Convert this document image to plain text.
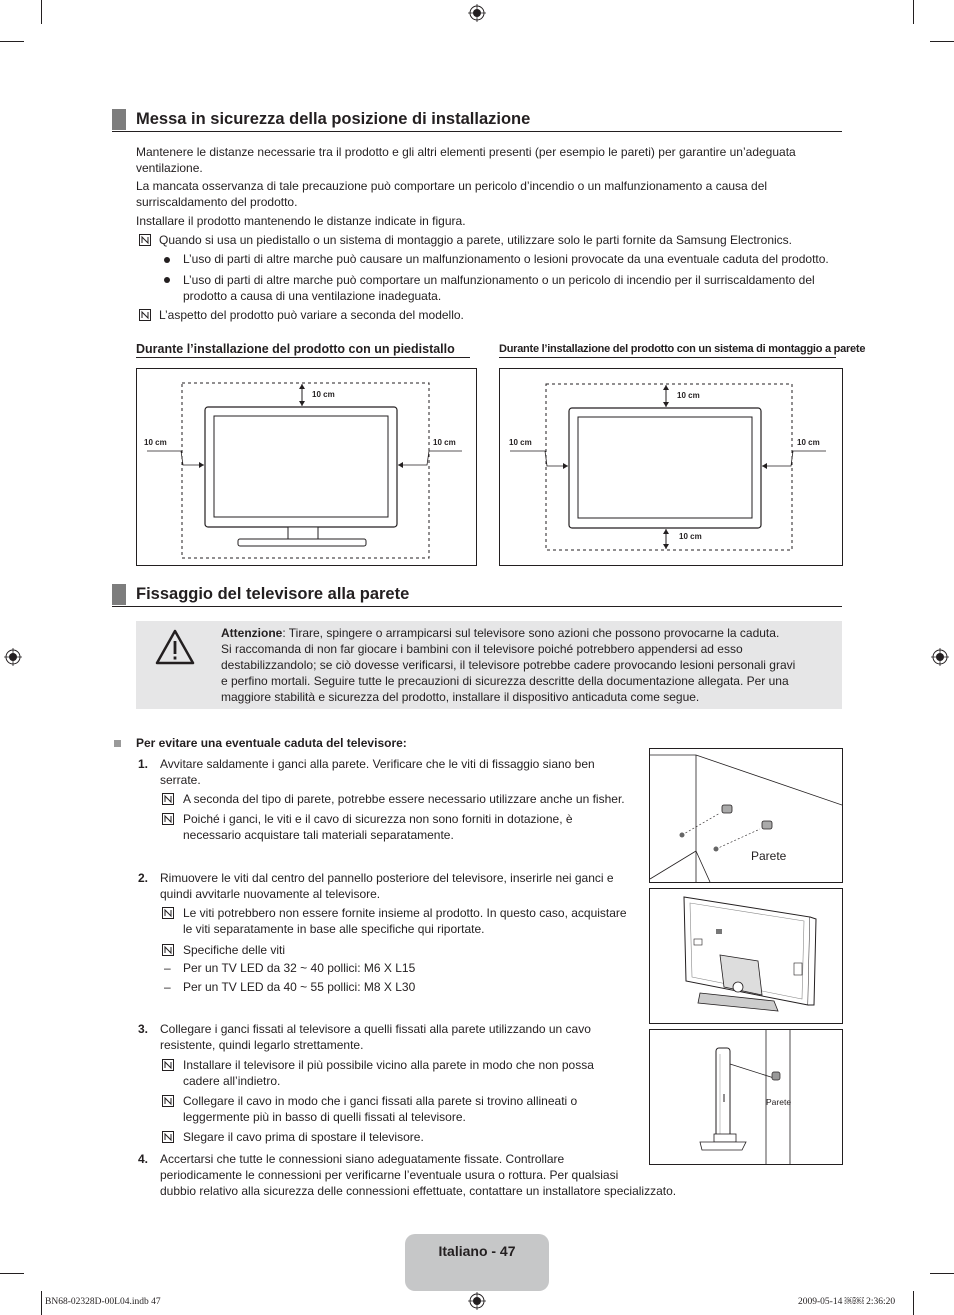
Messa in sicurezza della posizione di installazione
Mantenere le distanze necessarie tra il prodotto e gli altri elementi presenti (per esempio le pareti) per garantire un’adeguata
ventilazione.
La mancata osservanza di tale precauzione può comportare un pericolo d’incendio o un malfunzionamento a causa del
surriscaldamento del prodotto.
Installare il prodotto mantenendo le distanze indicate in figura.
Quando si usa un piedistallo o un sistema di montaggio a parete, utilizzare solo le parti fornite da Samsung Electronics.
L’uso di parti di altre marche può causare un malfunzionamento o lesioni provocate da una eventuale caduta del prodotto.
L’uso di parti di altre marche può comportare un malfunzionamento o un pericolo di incendio per il surriscaldamento del
prodotto a causa di una ventilazione inadeguata.
L’aspetto del prodotto può variare a seconda del modello.
Durante l’installazione del prodotto con un piedistallo	Durante l’installazione del prodotto con un sistema di montaggio a parete
10 cm
10 cm	10 cm
10 cm
10 cm	10 cm
10 cm
Fissaggio del televisore alla parete
Attenzione: Tirare, spingere o arrampicarsi sul televisore sono azioni che possono provocarne la caduta.
Si raccomanda di non far giocare i bambini con il televisore poiché potrebbero appendersi ad esso
destabilizzandolo; se ciò dovesse verificarsi, il televisore potrebbe cadere provocando lesioni personali gravi
e perfino mortali. Seguire tutte le precauzioni di sicurezza descritte della documentazione allegata. Per una
maggiore stabilità e sicurezza del prodotto, installare il dispositivo anticaduta come segue.
Per evitare una eventuale caduta del televisore:
1. Avvitare saldamente i ganci alla parete. Verificare che le viti di fissaggio siano ben
serrate.
A seconda del tipo di parete, potrebbe essere necessario utilizzare anche un fisher.
Poiché i ganci, le viti e il cavo di sicurezza non sono forniti in dotazione, è
necessario acquistare tali materiali separatamente.
2. Rimuovere le viti dal centro del pannello posteriore del televisore, inserirle nei ganci e
quindi avvitarle nuovamente al televisore.
Le viti potrebbero non essere fornite insieme al prodotto. In questo caso, acquistare
le viti separatamente in base alle specifiche qui riportate.
Specifiche delle viti
– Per un TV LED da 32 ~ 40 pollici: M6 X L15
– Per un TV LED da 40 ~ 55 pollici: M8 X L30
3. Collegare i ganci fissati al televisore a quelli fissati alla parete utilizzando un cavo
resistente, quindi legarlo strettamente.
Installare il televisore il più possibile vicino alla parete in modo che non possa
cadere all’indietro.
Collegare il cavo in modo che i ganci fissati alla parete si trovino allineati o
leggermente più in basso di quelli fissati al televisore.
Slegare il cavo prima di spostare il televisore.
4. Accertarsi che tutte le connessioni siano adeguatamente fissate. Controllare
periodicamente le connessioni per verificarne l’eventuale usura o rottura. Per qualsiasi
dubbio relativo alla sicurezza delle connessioni effettuate, contattare un installatore specializzato.
Parete
Parete
Italiano - 47
BN68-02328D-00L04.indb 47	2009-05-14 ￼￼ 2:36:20
